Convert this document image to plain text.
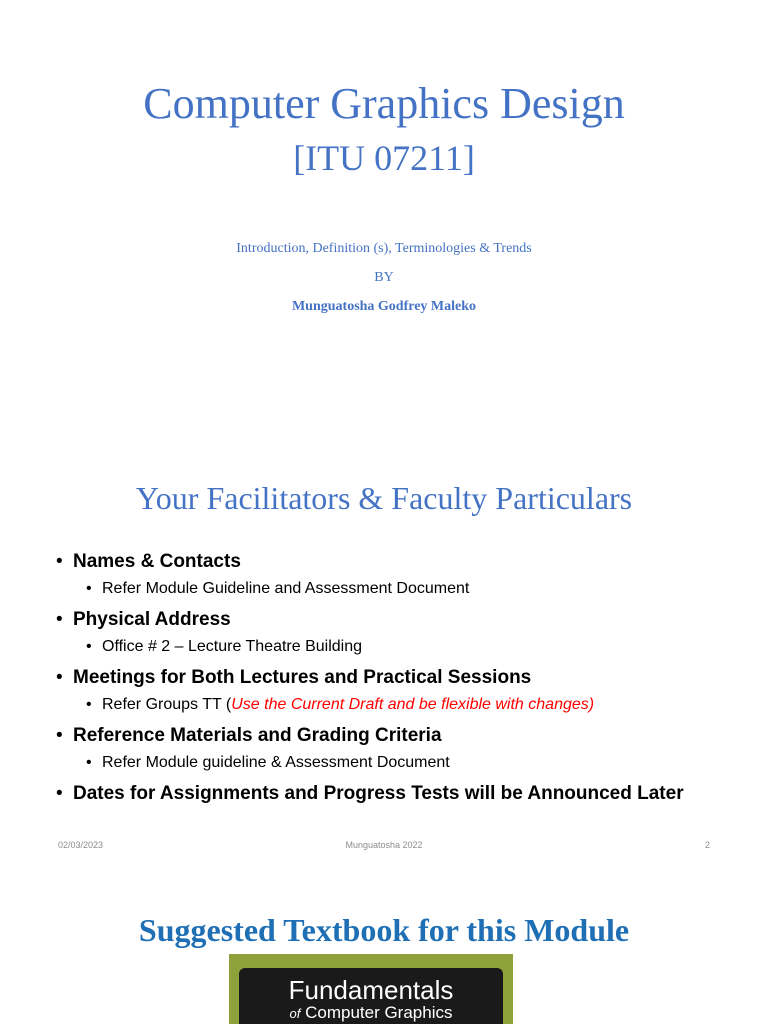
Computer Graphics Design
[ITU 07211]
Introduction, Definition (s), Terminologies & Trends
BY
Munguatosha Godfrey Maleko
Your Facilitators & Faculty Particulars
• Names & Contacts
• Refer Module Guideline and Assessment Document
• Physical Address
• Office # 2 – Lecture Theatre Building
• Meetings for Both Lectures and Practical Sessions
• Refer Groups TT (Use the Current Draft and be flexible with changes)
• Reference Materials and Grading Criteria
• Refer Module guideline & Assessment Document
• Dates for Assignments and Progress Tests will be Announced Later
02/03/2023	Munguatosha 2022	2
Suggested Textbook for this Module
Fundamentals
of Computer Graphics
